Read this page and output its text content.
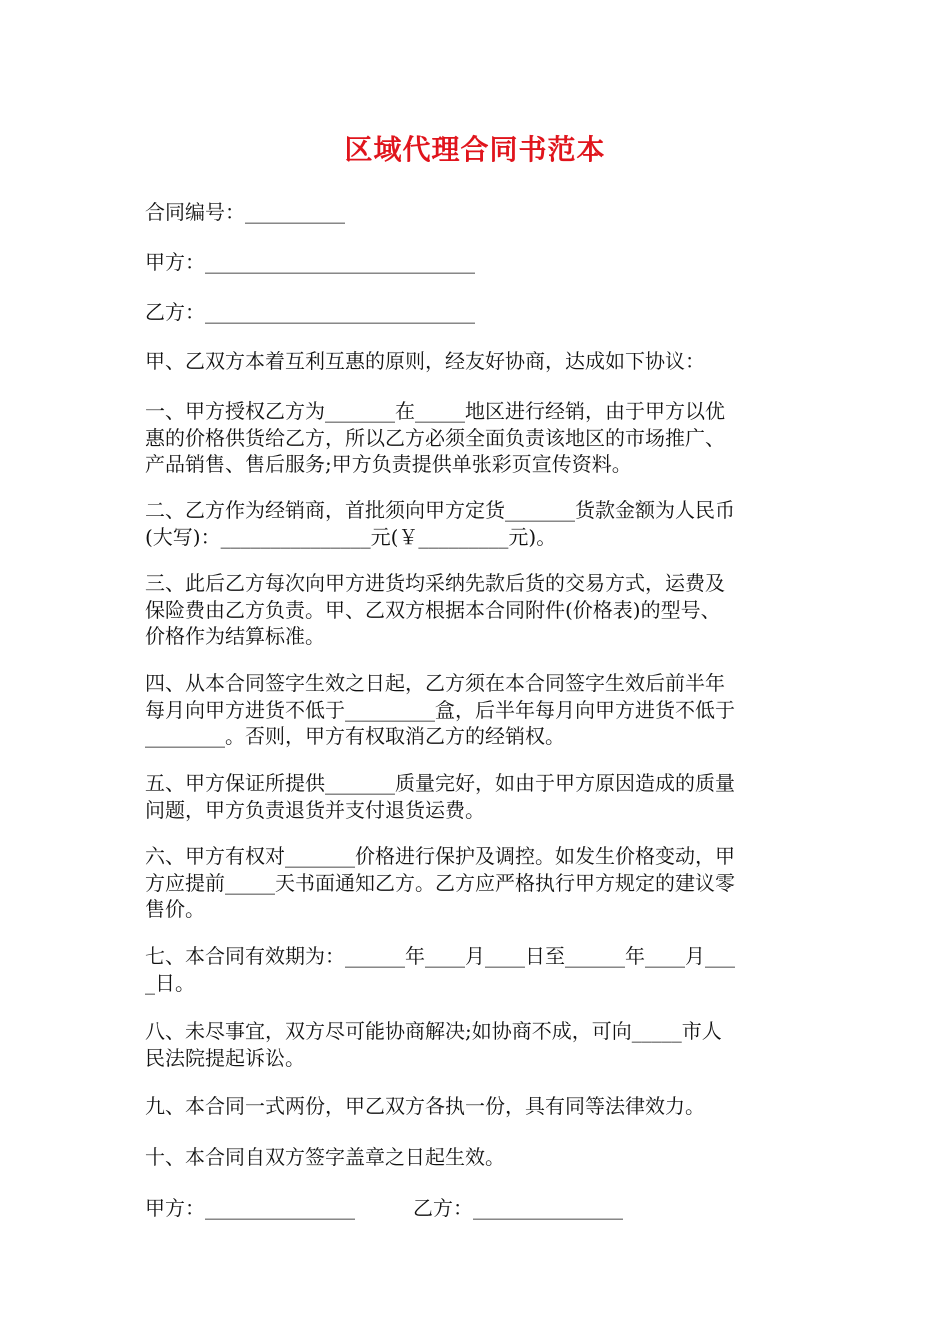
区域代理合同书范本
合同编号：__________
甲方：___________________________
乙方：___________________________
甲、乙双方本着互利互惠的原则，经友好协商，达成如下协议：
一、甲方授权乙方为_______在_____地区进行经销，由于甲方以优
惠的价格供货给乙方，所以乙方必须全面负责该地区的市场推广、
产品销售、售后服务;甲方负责提供单张彩页宣传资料。
二、乙方作为经销商，首批须向甲方定货_______货款金额为人民币
(大写)：_______________元(￥_________元)。
三、此后乙方每次向甲方进货均采纳先款后货的交易方式，运费及
保险费由乙方负责。甲、乙双方根据本合同附件(价格表)的型号、
价格作为结算标准。
四、从本合同签字生效之日起，乙方须在本合同签字生效后前半年
每月向甲方进货不低于_________盒，后半年每月向甲方进货不低于
________。否则，甲方有权取消乙方的经销权。
五、甲方保证所提供_______质量完好，如由于甲方原因造成的质量
问题，甲方负责退货并支付退货运费。
六、甲方有权对_______价格进行保护及调控。如发生价格变动，甲
方应提前_____天书面通知乙方。乙方应严格执行甲方规定的建议零
售价。
七、本合同有效期为：______年____月____日至______年____月___
_日。
八、未尽事宜，双方尽可能协商解决;如协商不成，可向_____市人
民法院提起诉讼。
九、本合同一式两份，甲乙双方各执一份，具有同等法律效力。
十、本合同自双方签字盖章之日起生效。
甲方：_______________	乙方：_______________
